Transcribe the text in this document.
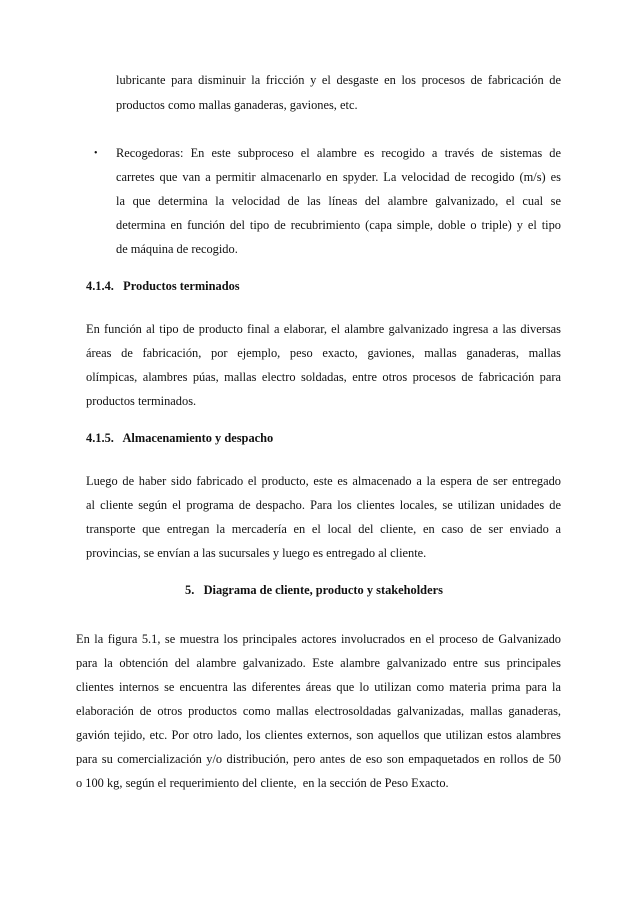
lubricante para disminuir la fricción y el desgaste en los procesos de fabricación de
productos como mallas ganaderas, gaviones, etc.
• Recogedoras: En este subproceso el alambre es recogido a través de sistemas de
carretes que van a permitir almacenarlo en spyder. La velocidad de recogido (m/s) es
la que determina la velocidad de las líneas del alambre galvanizado, el cual se
determina en función del tipo de recubrimiento (capa simple, doble o triple) y el tipo
de máquina de recogido.
4.1.4.   Productos terminados
En función al tipo de producto final a elaborar, el alambre galvanizado ingresa a las diversas
áreas de fabricación, por ejemplo, peso exacto, gaviones, mallas ganaderas, mallas
olímpicas, alambres púas, mallas electro soldadas, entre otros procesos de fabricación para
productos terminados.
4.1.5.   Almacenamiento y despacho
Luego de haber sido fabricado el producto, este es almacenado a la espera de ser entregado
al cliente según el programa de despacho. Para los clientes locales, se utilizan unidades de
transporte que entregan la mercadería en el local del cliente, en caso de ser enviado a
provincias, se envían a las sucursales y luego es entregado al cliente.
5.   Diagrama de cliente, producto y stakeholders
En la figura 5.1, se muestra los principales actores involucrados en el proceso de Galvanizado
para la obtención del alambre galvanizado. Este alambre galvanizado entre sus principales
clientes internos se encuentra las diferentes áreas que lo utilizan como materia prima para la
elaboración de otros productos como mallas electrosoldadas galvanizadas, mallas ganaderas,
gavión tejido, etc. Por otro lado, los clientes externos, son aquellos que utilizan estos alambres
para su comercialización y/o distribución, pero antes de eso son empaquetados en rollos de 50
o 100 kg, según el requerimiento del cliente,  en la sección de Peso Exacto.
